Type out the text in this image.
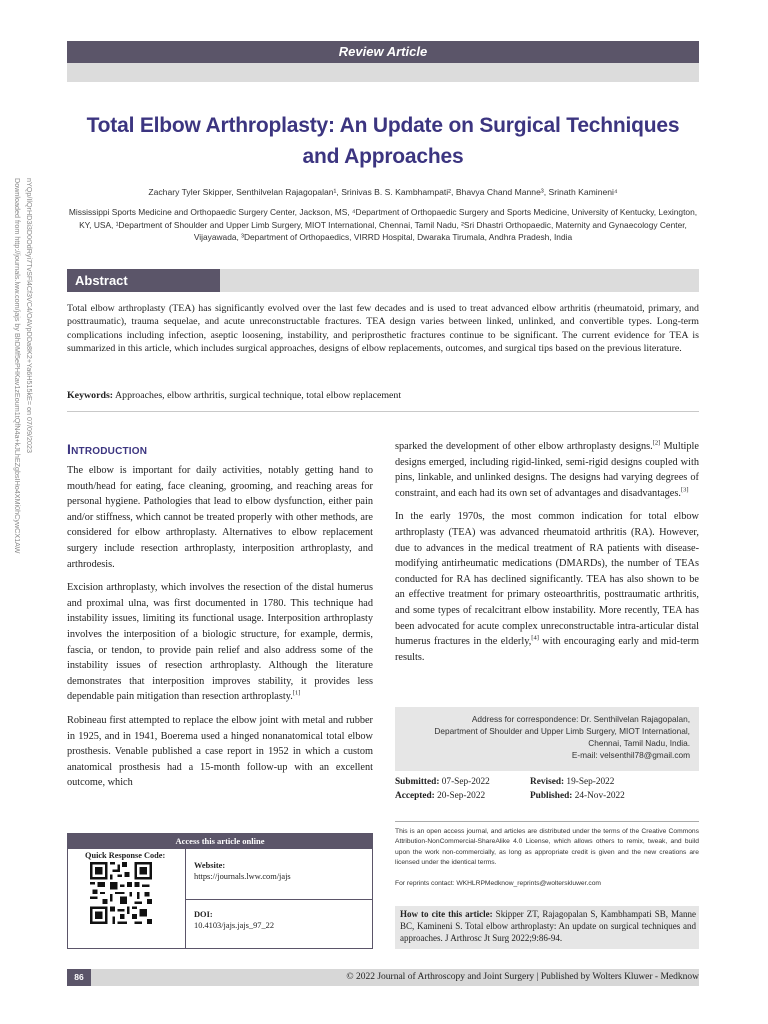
Review Article
Downloaded from http://journals.lww.com/jajs by BhDMf5ePHKav1zEoum1tQfN4a+kJLhEZgbsIHo4XMi0hCywCX1AW nYQp/IlQrHD3i3D0OdRyi7TvSFl4Cf3VC4/OAVpDDa8K2+Ya6H515kE= on 07/09/2023
Total Elbow Arthroplasty: An Update on Surgical Techniques and Approaches
Zachary Tyler Skipper, Senthilvelan Rajagopalan¹, Srinivas B. S. Kambhampati², Bhavya Chand Manne³, Srinath Kamineni⁴
Mississippi Sports Medicine and Orthopaedic Surgery Center, Jackson, MS, ⁴Department of Orthopaedic Surgery and Sports Medicine, University of Kentucky, Lexington, KY, USA, ¹Department of Shoulder and Upper Limb Surgery, MIOT International, Chennai, Tamil Nadu, ²Sri Dhastri Orthopaedic, Maternity and Gynaecology Center, Vijayawada, ³Department of Orthopaedics, VIRRD Hospital, Dwaraka Tirumala, Andhra Pradesh, India
Abstract
Total elbow arthroplasty (TEA) has significantly evolved over the last few decades and is used to treat advanced elbow arthritis (rheumatoid, primary, and posttraumatic), trauma sequelae, and acute unreconstructable fractures. TEA design varies between linked, unlinked, and convertible types. Long-term complications including infection, aseptic loosening, instability, and periprosthetic fractures continue to be significant. The current evidence for TEA is summarized in this article, which includes surgical approaches, designs of elbow replacements, outcomes, and surgical tips based on the previous literature.
Keywords: Approaches, elbow arthritis, surgical technique, total elbow replacement
Introduction

The elbow is important for daily activities, notably getting hand to mouth/head for eating, face cleaning, grooming, and reaching areas for personal hygiene. Pathologies that lead to elbow dysfunction, either pain and/or stiffness, which cannot be treated properly with other methods, are considered for elbow arthroplasty. Alternatives to elbow replacement surgery include resection arthroplasty, interposition arthroplasty, and arthrodesis.

Excision arthroplasty, which involves the resection of the distal humerus and proximal ulna, was first documented in 1780. This technique had instability issues, limiting its functional usage. Interposition arthroplasty involves the interposition of a biologic structure, for example, dermis, fascia, or tendon, to provide pain relief and also address some of the instability issues of resection arthroplasty. Although the literature demonstrates that interposition improves stability, it provides less dependable pain mitigation than resection arthroplasty.[1]

Robineau first attempted to replace the elbow joint with metal and rubber in 1925, and in 1941, Boerema used a hinged nonanatomical total elbow prosthesis. Venable published a case report in 1952 in which a custom anatomical prosthesis had a 15-month follow-up with an excellent outcome, which

sparked the development of other elbow arthroplasty designs.[2] Multiple designs emerged, including rigid-linked, semi-rigid designs coupled with pins, linkable, and unlinked designs. The designs had varying degrees of constraint, and each had its own set of advantages and disadvantages.[3]

In the early 1970s, the most common indication for total elbow arthroplasty (TEA) was advanced rheumatoid arthritis (RA). However, due to advances in the medical treatment of RA patients with disease-modifying antirheumatic medications (DMARDs), the number of TEAs conducted for RA has declined significantly. TEA has also shown to be an effective treatment for primary osteoarthritis, posttraumatic arthritis, and some types of recalcitrant elbow instability. More recently, TEA has been advocated for acute complex unreconstructable intra-articular distal humerus fractures in the elderly,[4] with encouraging early and mid-term results.

Address for correspondence: Dr. Senthilvelan Rajagopalan,
Department of Shoulder and Upper Limb Surgery, MIOT International,
Chennai, Tamil Nadu, India.
E-mail: velsenthil78@gmail.com
Submitted: 07-Sep-2022	Revised: 19-Sep-2022
Accepted: 20-Sep-2022	Published: 24-Nov-2022
This is an open access journal, and articles are distributed under the terms of the Creative Commons Attribution-NonCommercial-ShareAlike 4.0 License, which allows others to remix, tweak, and build upon the work non-commercially, as long as appropriate credit is given and the new creations are licensed under the identical terms.
For reprints contact: WKHLRPMedknow_reprints@wolterskluwer.com
How to cite this article: Skipper ZT, Rajagopalan S, Kambhampati SB, Manne BC, Kamineni S. Total elbow arthroplasty: An update on surgical techniques and approaches. J Arthrosc Jt Surg 2022;9:86-94.
Access this article online
Quick Response Code:
Website:
https://journals.lww.com/jajs
DOI:
10.4103/jajs.jajs_97_22
86	© 2022 Journal of Arthroscopy and Joint Surgery | Published by Wolters Kluwer - Medknow
